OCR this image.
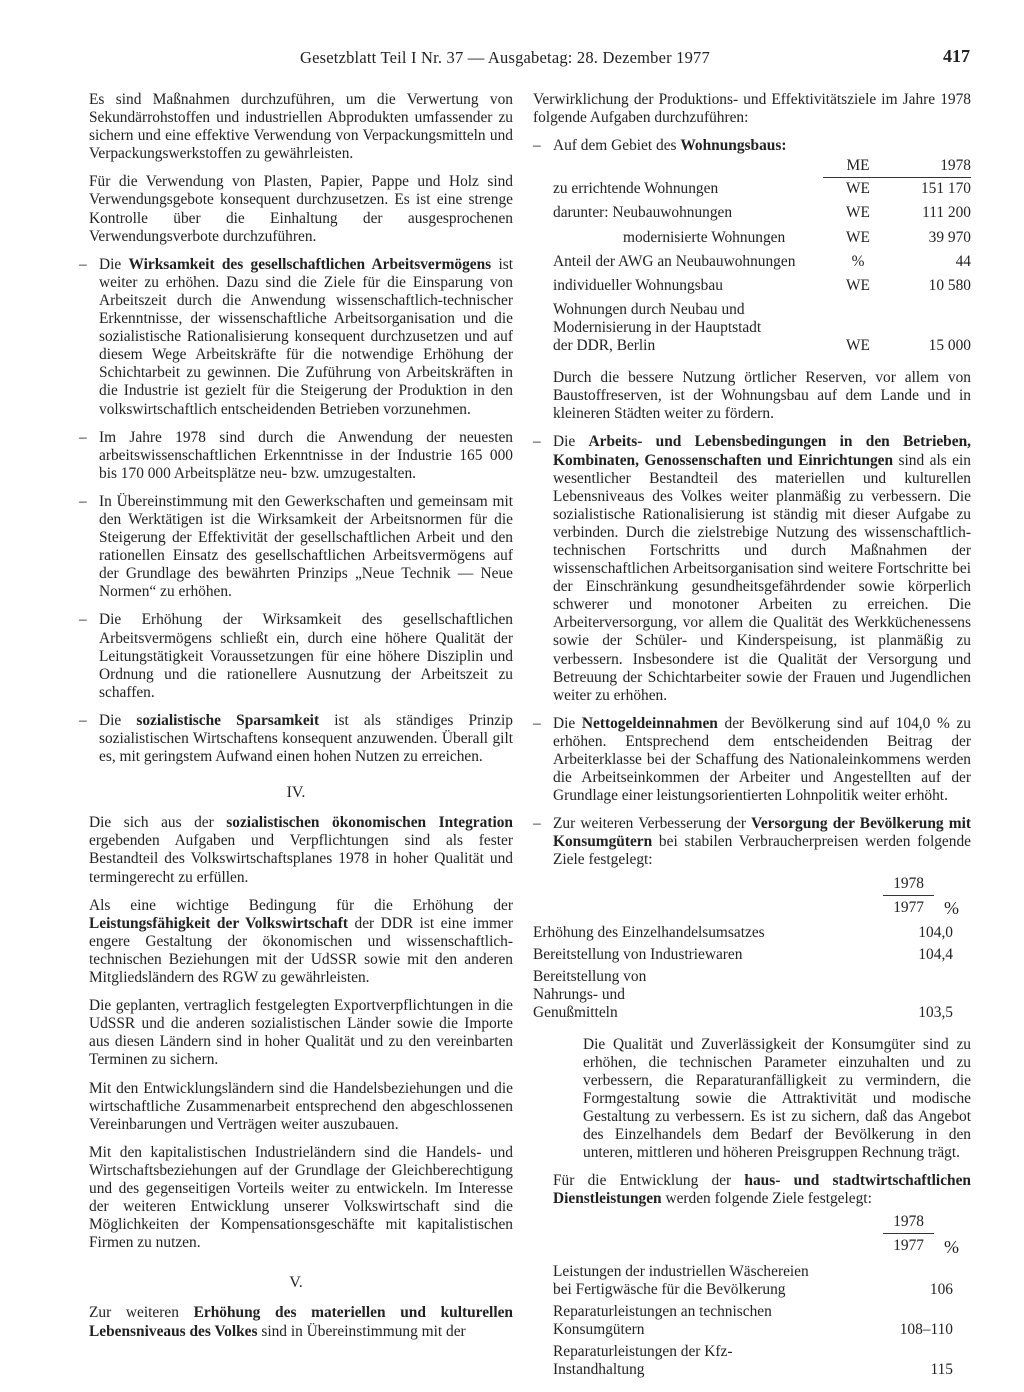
Gesetzblatt Teil I Nr. 37 — Ausgabetag: 28. Dezember 1977	417

Es sind Maßnahmen durchzuführen, um die Verwertung von Sekundärrohstoffen und industriellen Abprodukten umfassender zu sichern und eine effektive Verwendung von Verpackungsmitteln und Verpackungswerkstoffen zu gewährleisten.

Für die Verwendung von Plasten, Papier, Pappe und Holz sind Verwendungsgebote konsequent durchzusetzen. Es ist eine strenge Kontrolle über die Einhaltung der ausgesprochenen Verwendungsverbote durchzuführen.

– Die Wirksamkeit des gesellschaftlichen Arbeitsvermögens ist weiter zu erhöhen. Dazu sind die Ziele für die Einsparung von Arbeitszeit durch die Anwendung wissenschaftlich-technischer Erkenntnisse, der wissenschaftliche Arbeitsorganisation und die sozialistische Rationalisierung konsequent durchzusetzen und auf diesem Wege Arbeitskräfte für die notwendige Erhöhung der Schichtarbeit zu gewinnen. Die Zuführung von Arbeitskräften in die Industrie ist gezielt für die Steigerung der Produktion in den volkswirtschaftlich entscheidenden Betrieben vorzunehmen.

– Im Jahre 1978 sind durch die Anwendung der neuesten arbeitswissenschaftlichen Erkenntnisse in der Industrie 165 000 bis 170 000 Arbeitsplätze neu- bzw. umzugestalten.

– In Übereinstimmung mit den Gewerkschaften und gemeinsam mit den Werktätigen ist die Wirksamkeit der Arbeitsnormen für die Steigerung der Effektivität der gesellschaftlichen Arbeit und den rationellen Einsatz des gesellschaftlichen Arbeitsvermögens auf der Grundlage des bewährten Prinzips „Neue Technik — Neue Normen“ zu erhöhen.

– Die Erhöhung der Wirksamkeit des gesellschaftlichen Arbeitsvermögens schließt ein, durch eine höhere Qualität der Leitungstätigkeit Voraussetzungen für eine höhere Disziplin und Ordnung und die rationellere Ausnutzung der Arbeitszeit zu schaffen.

– Die sozialistische Sparsamkeit ist als ständiges Prinzip sozialistischen Wirtschaftens konsequent anzuwenden. Überall gilt es, mit geringstem Aufwand einen hohen Nutzen zu erreichen.

IV.

Die sich aus der sozialistischen ökonomischen Integration ergebenden Aufgaben und Verpflichtungen sind als fester Bestandteil des Volkswirtschaftsplanes 1978 in hoher Qualität und termingerecht zu erfüllen.

Als eine wichtige Bedingung für die Erhöhung der Leistungsfähigkeit der Volkswirtschaft der DDR ist eine immer engere Gestaltung der ökonomischen und wissenschaftlich-technischen Beziehungen mit der UdSSR sowie mit den anderen Mitgliedsländern des RGW zu gewährleisten.

Die geplanten, vertraglich festgelegten Exportverpflichtungen in die UdSSR und die anderen sozialistischen Länder sowie die Importe aus diesen Ländern sind in hoher Qualität und zu den vereinbarten Terminen zu sichern.

Mit den Entwicklungsländern sind die Handelsbeziehungen und die wirtschaftliche Zusammenarbeit entsprechend den abgeschlossenen Vereinbarungen und Verträgen weiter auszubauen.

Mit den kapitalistischen Industrieländern sind die Handels- und Wirtschaftsbeziehungen auf der Grundlage der Gleichberechtigung und des gegenseitigen Vorteils weiter zu entwickeln. Im Interesse der weiteren Entwicklung unserer Volkswirtschaft sind die Möglichkeiten der Kompensationsgeschäfte mit kapitalistischen Firmen zu nutzen.

V.

Zur weiteren Erhöhung des materiellen und kulturellen Lebensniveaus des Volkes sind in Übereinstimmung mit der

Verwirklichung der Produktions- und Effektivitätsziele im Jahre 1978 folgende Aufgaben durchzuführen:

– Auf dem Gebiet des Wohnungsbaus:

	ME	1978
zu errichtende Wohnungen	WE	151 170
darunter: Neubauwohnungen	WE	111 200
modernisierte Wohnungen	WE	39 970
Anteil der AWG an Neubauwohnungen	%	44
individueller Wohnungsbau	WE	10 580
Wohnungen durch Neubau und Modernisierung in der Hauptstadt der DDR, Berlin	WE	15 000

Durch die bessere Nutzung örtlicher Reserven, vor allem von Baustoffreserven, ist der Wohnungsbau auf dem Lande und in kleineren Städten weiter zu fördern.

– Die Arbeits- und Lebensbedingungen in den Betrieben, Kombinaten, Genossenschaften und Einrichtungen sind als ein wesentlicher Bestandteil des materiellen und kulturellen Lebensniveaus des Volkes weiter planmäßig zu verbessern. Die sozialistische Rationalisierung ist ständig mit dieser Aufgabe zu verbinden. Durch die zielstrebige Nutzung des wissenschaftlich-technischen Fortschritts und durch Maßnahmen der wissenschaftlichen Arbeitsorganisation sind weitere Fortschritte bei der Einschränkung gesundheitsgefährdender sowie körperlich schwerer und monotoner Arbeiten zu erreichen. Die Arbeiterversorgung, vor allem die Qualität des Werkküchenessens sowie der Schüler- und Kinderspeisung, ist planmäßig zu verbessern. Insbesondere ist die Qualität der Versorgung und Betreuung der Schichtarbeiter sowie der Frauen und Jugendlichen weiter zu erhöhen.

– Die Nettogeldeinnahmen der Bevölkerung sind auf 104,0 % zu erhöhen. Entsprechend dem entscheidenden Beitrag der Arbeiterklasse bei der Schaffung des Nationaleinkommens werden die Arbeitseinkommen der Arbeiter und Angestellten auf der Grundlage einer leistungsorientierten Lohnpolitik weiter erhöht.

– Zur weiteren Verbesserung der Versorgung der Bevölkerung mit Konsumgütern bei stabilen Verbraucherpreisen werden folgende Ziele festgelegt:

$\frac{1978}{1977}$ %
Erhöhung des Einzelhandelsumsatzes	104,0
Bereitstellung von Industriewaren	104,4
Bereitstellung von Nahrungs- und Genußmitteln	103,5

Die Qualität und Zuverlässigkeit der Konsumgüter sind zu erhöhen, die technischen Parameter einzuhalten und zu verbessern, die Reparaturanfälligkeit zu vermindern, die Formgestaltung sowie die Attraktivität und modische Gestaltung zu verbessern. Es ist zu sichern, daß das Angebot des Einzelhandels dem Bedarf der Bevölkerung in den unteren, mittleren und höheren Preisgruppen Rechnung trägt.

Für die Entwicklung der haus- und stadtwirtschaftlichen Dienstleistungen werden folgende Ziele festgelegt:

$\frac{1978}{1977}$ %
Leistungen der industriellen Wäschereien bei Fertigwäsche für die Bevölkerung	106
Reparaturleistungen an technischen Konsumgütern	108–110
Reparaturleistungen der Kfz-Instandhaltung	115
